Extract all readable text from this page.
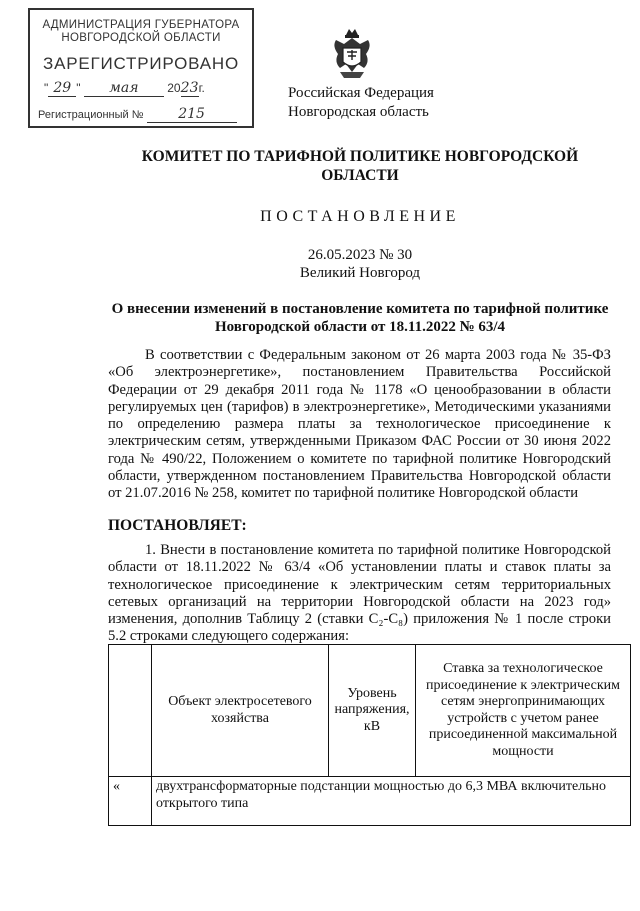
АДМИНИСТРАЦИЯ ГУБЕРНАТОРА
НОВГОРОДСКОЙ ОБЛАСТИ
ЗАРЕГИСТРИРОВАНО
" 29 " мая 2023г.
Регистрационный № 215
Российская Федерация
Новгородская область
КОМИТЕТ ПО ТАРИФНОЙ ПОЛИТИКЕ НОВГОРОДСКОЙ ОБЛАСТИ
ПОСТАНОВЛЕНИЕ
26.05.2023 № 30
Великий Новгород
О внесении изменений в постановление комитета по тарифной политике Новгородской области от 18.11.2022 № 63/4

В соответствии с Федеральным законом от 26 марта 2003 года № 35-ФЗ «Об электроэнергетике», постановлением Правительства Российской Федерации от 29 декабря 2011 года № 1178 «О ценообразовании в области регулируемых цен (тарифов) в электроэнергетике», Методическими указаниями по определению размера платы за технологическое присоединение к электрическим сетям, утвержденными Приказом ФАС России от 30 июня 2022 года № 490/22, Положением о комитете по тарифной политике Новгородский области, утвержденном постановлением Правительства Новгородской области от 21.07.2016 № 258, комитет по тарифной политике Новгородской области

ПОСТАНОВЛЯЕТ:

1. Внести в постановление комитета по тарифной политике Новгородской области от 18.11.2022 № 63/4 «Об установлении платы и ставок платы за технологическое присоединение к электрическим сетям территориальных сетевых организаций на территории Новгородской области на 2023 год» изменения, дополнив Таблицу 2 (ставки C₂-C₈) приложения № 1 после строки 5.2 строками следующего содержания:

	Объект электросетевого хозяйства	Уровень напряжения, кВ	Ставка за технологическое присоединение к электрическим сетям энергопринимающих устройств с учетом ранее присоединенной максимальной мощности
«	двухтрансформаторные подстанции мощностью до 6,3 МВА включительно открытого типа		
